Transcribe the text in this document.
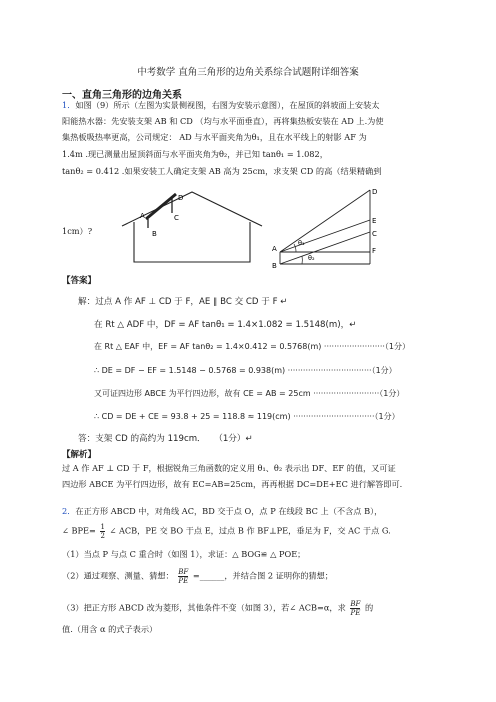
中考数学 直角三角形的边角关系综合试题附详细答案
一、直角三角形的边角关系
1．如图（9）所示（左图为实景侧视图，右图为安装示意图），在屋顶的斜坡面上安装太
阳能热水器：先安装支架 AB 和 CD （均与水平面垂直），再将集热板安装在 AD 上.为使
集热板吸热率更高，公司规定： AD 与水平面夹角为θ₁，且在水平线上的射影 AF 为
1.4m .现已测量出屋顶斜面与水平面夹角为θ₂，并已知 tanθ₁ = 1.082，
tanθ₂ = 0.412 .如果安装工人确定支架 AB 高为 25cm，求支架 CD 的高（结果精确到
1cm）?
D
A
B
C
D
E
C
F
A
B
θ₁
θ₂
【答案】
解：过点 A 作 AF ⊥ CD 于 F，AE ∥ BC 交 CD 于 F ↵
在 Rt △ ADF 中，DF = AF tanθ₁ = 1.4×1.082 = 1.5148(m)，↵
在 Rt △ EAF 中，EF = AF tanθ₂ = 1.4×0.412 = 0.5768(m) ························（1分）
∴ DE = DF − EF = 1.5148 − 0.5768 = 0.938(m) ·································（1分）
又可证四边形 ABCE 为平行四边形，故有 CE = AB = 25cm ··························（1分）
∴ CD = DE + CE = 93.8 + 25 = 118.8 ≈ 119(cm) ································（1分）
答：支架 CD 的高约为 119cm．　　（1分）↵
【解析】
过 A 作 AF ⊥ CD 于 F，根据锐角三角函数的定义用 θ₁、θ₂ 表示出 DF、EF 的值，又可证
四边形 ABCE 为平行四边形，故有 EC=AB=25cm，再再根据 DC=DE+EC 进行解答即可.
2．在正方形 ABCD 中，对角线 AC，BD 交于点 O，点 P 在线段 BC 上（不含点 B），
∠ $BPE= \frac{1}{2}$ ∠ ACB，PE 交 BO 于点 E，过点 B 作 BF⊥PE，垂足为 F，交 AC 于点 G.
（1）当点 P 与点 C 重合时（如图 1），求证：△ BOG≌ △ POE；
（2）通过观察、测量、猜想： $\frac{BF}{PE}$ =______，并结合图 2 证明你的猜想；
（3）把正方形 ABCD 改为菱形，其他条件不变（如图 3），若∠ ACB=α，求 $\frac{BF}{PE}$ 的
值.（用含 α 的式子表示）
